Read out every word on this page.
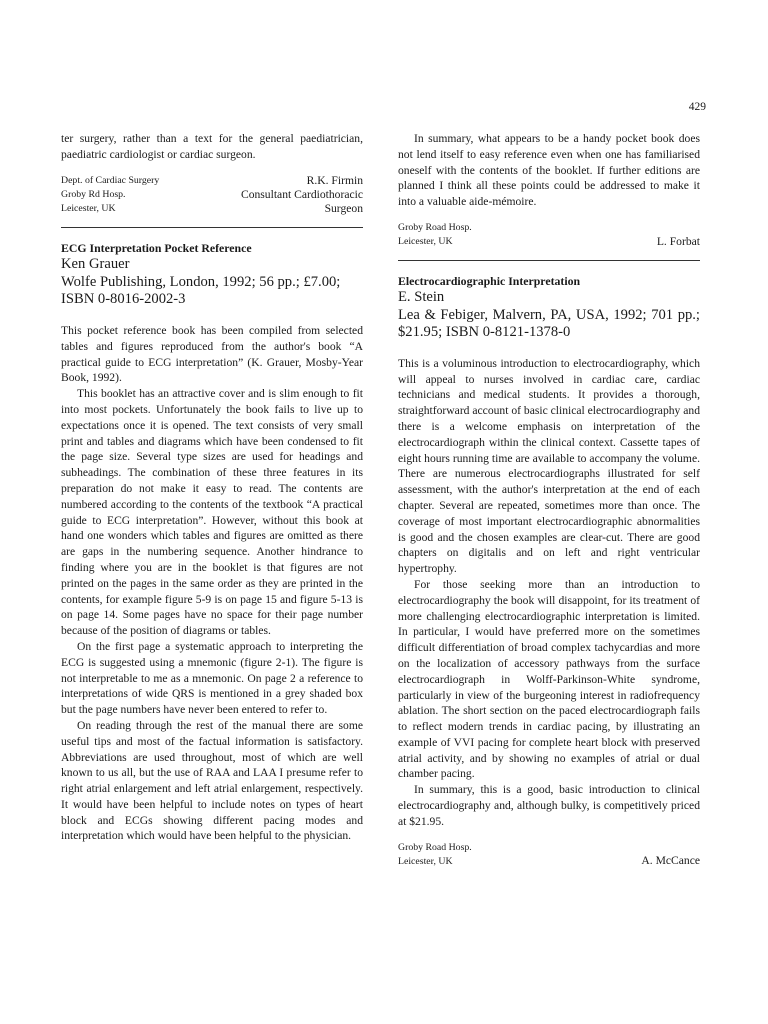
429

ter surgery, rather than a text for the general paediatrician, paediatric cardiologist or cardiac surgeon.

Dept. of Cardiac Surgery
Groby Rd Hosp.
Leicester, UK
R.K. Firmin
Consultant Cardiothoracic
Surgeon

ECG Interpretation Pocket Reference

Ken Grauer

Wolfe Publishing, London, 1992; 56 pp.; £7.00;

ISBN 0-8016-2002-3

This pocket reference book has been compiled from selected tables and figures reproduced from the author's book “A practical guide to ECG interpretation” (K. Grauer, Mosby-Year Book, 1992).

This booklet has an attractive cover and is slim enough to fit into most pockets. Unfortunately the book fails to live up to expectations once it is opened. The text consists of very small print and tables and diagrams which have been condensed to fit the page size. Several type sizes are used for headings and subheadings. The combination of these three features in its preparation do not make it easy to read. The contents are numbered according to the contents of the textbook “A practical guide to ECG interpretation”. However, without this book at hand one wonders which tables and figures are omitted as there are gaps in the numbering sequence. Another hindrance to finding where you are in the booklet is that figures are not printed on the pages in the same order as they are printed in the contents, for example figure 5-9 is on page 15 and figure 5-13 is on page 14. Some pages have no space for their page number because of the position of diagrams or tables.

On the first page a systematic approach to interpreting the ECG is suggested using a mnemonic (figure 2-1). The figure is not interpretable to me as a mnemonic. On page 2 a reference to interpretations of wide QRS is mentioned in a grey shaded box but the page numbers have never been entered to refer to.

On reading through the rest of the manual there are some useful tips and most of the factual information is satisfactory. Abbreviations are used throughout, most of which are well known to us all, but the use of RAA and LAA I presume refer to right atrial enlargement and left atrial enlargement, respectively. It would have been helpful to include notes on types of heart block and ECGs showing different pacing modes and interpretation which would have been helpful to the physician.

In summary, what appears to be a handy pocket book does not lend itself to easy reference even when one has familiarised oneself with the contents of the booklet. If further editions are planned I think all these points could be addressed to make it into a valuable aide-mémoire.

Groby Road Hosp.
Leicester, UK	L. Forbat

Electrocardiographic Interpretation

E. Stein

Lea & Febiger, Malvern, PA, USA, 1992; 701 pp.; $21.95; ISBN 0-8121-1378-0

This is a voluminous introduction to electrocardiography, which will appeal to nurses involved in cardiac care, cardiac technicians and medical students. It provides a thorough, straightforward account of basic clinical electrocardiography and there is a welcome emphasis on interpretation of the electrocardiograph within the clinical context. Cassette tapes of eight hours running time are available to accompany the volume. There are numerous electrocardiographs illustrated for self assessment, with the author's interpretation at the end of each chapter. Several are repeated, sometimes more than once. The coverage of most important electrocardiographic abnormalities is good and the chosen examples are clear-cut. There are good chapters on digitalis and on left and right ventricular hypertrophy.

For those seeking more than an introduction to electrocardiography the book will disappoint, for its treatment of more challenging electrocardiographic interpretation is limited. In particular, I would have preferred more on the sometimes difficult differentiation of broad complex tachycardias and more on the localization of accessory pathways from the surface electrocardiograph in Wolff-Parkinson-White syndrome, particularly in view of the burgeoning interest in radiofrequency ablation. The short section on the paced electrocardiograph fails to reflect modern trends in cardiac pacing, by illustrating an example of VVI pacing for complete heart block with preserved atrial activity, and by showing no examples of atrial or dual chamber pacing.

In summary, this is a good, basic introduction to clinical electrocardiography and, although bulky, is competitively priced at $21.95.

Groby Road Hosp.
Leicester, UK	A. McCance
